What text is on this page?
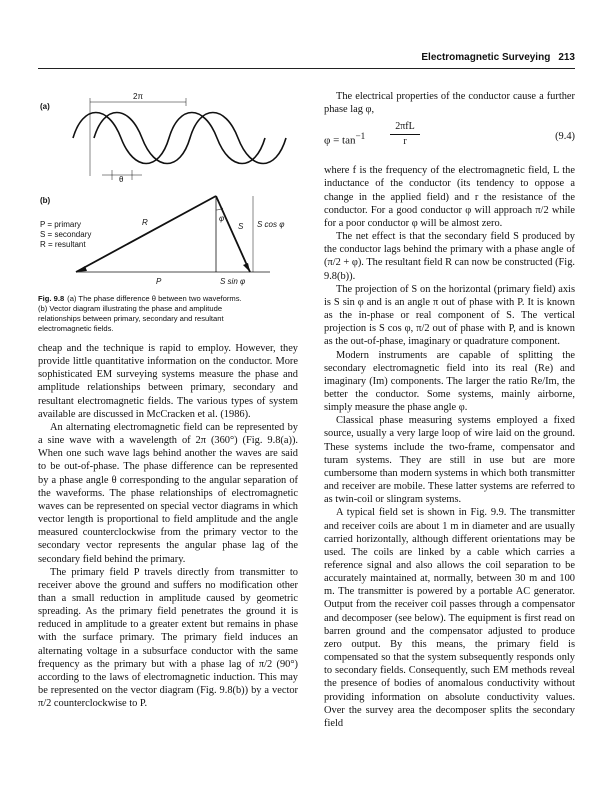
Electromagnetic Surveying 213
(a)
2π
θ
(b)
P = primary
S = secondary
R = resultant
R	S S cos φ
φ
P	S sin φ
Fig. 9.8 (a) The phase difference θ between two waveforms.
(b) Vector diagram illustrating the phase and amplitude
relationships between primary, secondary and resultant
electromagnetic fields.

cheap and the technique is rapid to employ. However, they provide little quantitative information on the conductor. More sophisticated EM surveying systems measure the phase and amplitude relationships between primary, secondary and resultant electromagnetic fields. The various types of system available are discussed in McCracken et al. (1986).

An alternating electromagnetic field can be represented by a sine wave with a wavelength of 2π (360°) (Fig. 9.8(a)). When one such wave lags behind another the waves are said to be out-of-phase. The phase difference can be represented by a phase angle θ corresponding to the angular separation of the waveforms. The phase relationships of electromagnetic waves can be represented on special vector diagrams in which vector length is proportional to field amplitude and the angle measured counterclockwise from the primary vector to the secondary vector represents the angular phase lag of the secondary field behind the primary.

The primary field P travels directly from transmitter to receiver above the ground and suffers no modification other than a small reduction in amplitude caused by geometric spreading. As the primary field penetrates the ground it is reduced in amplitude to a greater extent but remains in phase with the surface primary. The primary field induces an alternating voltage in a subsurface conductor with the same frequency as the primary but with a phase lag of π/2 (90°) according to the laws of electromagnetic induction. This may be represented on the vector diagram (Fig. 9.8(b)) by a vector π/2 counterclockwise to P.

The electrical properties of the conductor cause a further phase lag φ,

$\varphi = \tan^{-1}$
2πfL
r	(9.4)

where f is the frequency of the electromagnetic field, L the inductance of the conductor (its tendency to oppose a change in the applied field) and r the resistance of the conductor. For a good conductor φ will approach π/2 while for a poor conductor φ will be almost zero.

The net effect is that the secondary field S produced by the conductor lags behind the primary with a phase angle of (π/2 + φ). The resultant field R can now be constructed (Fig. 9.8(b)).

The projection of S on the horizontal (primary field) axis is S sin φ and is an angle π out of phase with P. It is known as the in-phase or real component of S. The vertical projection is S cos φ, π/2 out of phase with P, and is known as the out-of-phase, imaginary or quadrature component.

Modern instruments are capable of splitting the secondary electromagnetic field into its real (Re) and imaginary (Im) components. The larger the ratio Re/Im, the better the conductor. Some systems, mainly airborne, simply measure the phase angle φ.

Classical phase measuring systems employed a fixed source, usually a very large loop of wire laid on the ground. These systems include the two-frame, compensator and turam systems. They are still in use but are more cumbersome than modern systems in which both transmitter and receiver are mobile. These latter systems are referred to as twin-coil or slingram systems.

A typical field set is shown in Fig. 9.9. The transmitter and receiver coils are about 1 m in diameter and are usually carried horizontally, although different orientations may be used. The coils are linked by a cable which carries a reference signal and also allows the coil separation to be accurately maintained at, normally, between 30 m and 100 m. The transmitter is powered by a portable AC generator. Output from the receiver coil passes through a compensator and decomposer (see below). The equipment is first read on barren ground and the compensator adjusted to produce zero output. By this means, the primary field is compensated so that the system subsequently responds only to secondary fields. Consequently, such EM methods reveal the presence of bodies of anomalous conductivity without providing information on absolute conductivity values. Over the survey area the decomposer splits the secondary field
